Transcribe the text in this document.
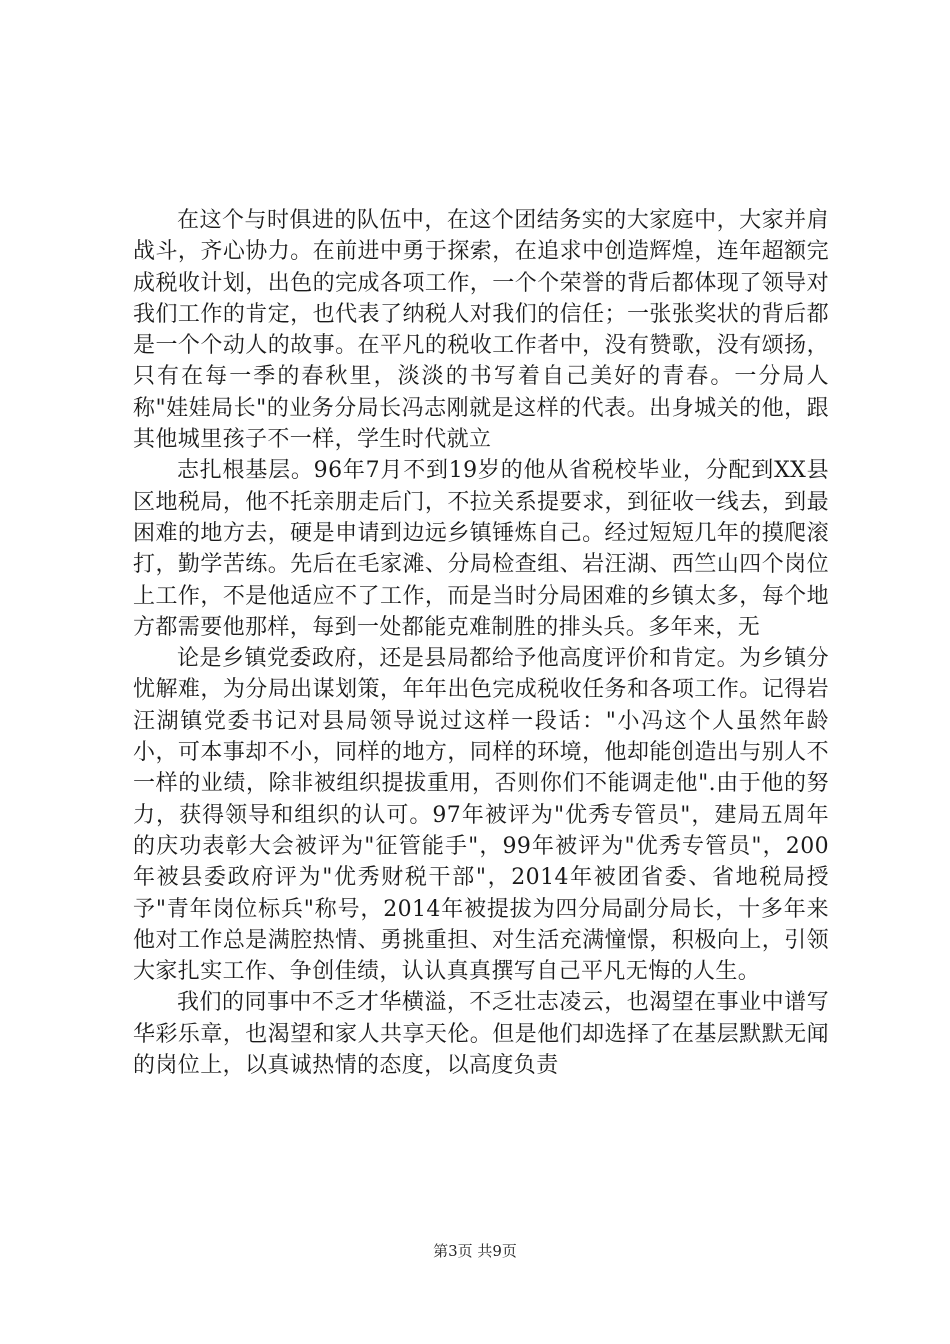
在这个与时俱进的队伍中，在这个团结务实的大家庭中，大家并肩战斗，齐心协力。在前进中勇于探索，在追求中创造辉煌，连年超额完成税收计划，出色的完成各项工作，一个个荣誉的背后都体现了领导对我们工作的肯定，也代表了纳税人对我们的信任；一张张奖状的背后都是一个个动人的故事。在平凡的税收工作者中，没有赞歌，没有颂扬，只有在每一季的春秋里，淡淡的书写着自己美好的青春。一分局人称"娃娃局长"的业务分局长冯志刚就是这样的代表。出身城关的他，跟其他城里孩子不一样，学生时代就立

志扎根基层。96年7月不到19岁的他从省税校毕业，分配到XX县区地税局，他不托亲朋走后门，不拉关系提要求，到征收一线去，到最困难的地方去，硬是申请到边远乡镇锤炼自己。经过短短几年的摸爬滚打，勤学苦练。先后在毛家滩、分局检查组、岩汪湖、西竺山四个岗位上工作，不是他适应不了工作，而是当时分局困难的乡镇太多，每个地方都需要他那样，每到一处都能克难制胜的排头兵。多年来，无

论是乡镇党委政府，还是县局都给予他高度评价和肯定。为乡镇分忧解难，为分局出谋划策，年年出色完成税收任务和各项工作。记得岩汪湖镇党委书记对县局领导说过这样一段话："小冯这个人虽然年龄小，可本事却不小，同样的地方，同样的环境，他却能创造出与别人不一样的业绩，除非被组织提拔重用，否则你们不能调走他".由于他的努力，获得领导和组织的认可。97年被评为"优秀专管员"，建局五周年的庆功表彰大会被评为"征管能手"，99年被评为"优秀专管员"，200年被县委政府评为"优秀财税干部"，2014年被团省委、省地税局授予"青年岗位标兵"称号，2014年被提拔为四分局副分局长，十多年来他对工作总是满腔热情、勇挑重担、对生活充满憧憬，积极向上，引领大家扎实工作、争创佳绩，认认真真撰写自己平凡无悔的人生。

我们的同事中不乏才华横溢，不乏壮志凌云，也渴望在事业中谱写华彩乐章，也渴望和家人共享天伦。但是他们却选择了在基层默默无闻的岗位上，以真诚热情的态度，以高度负责

第3页 共9页
